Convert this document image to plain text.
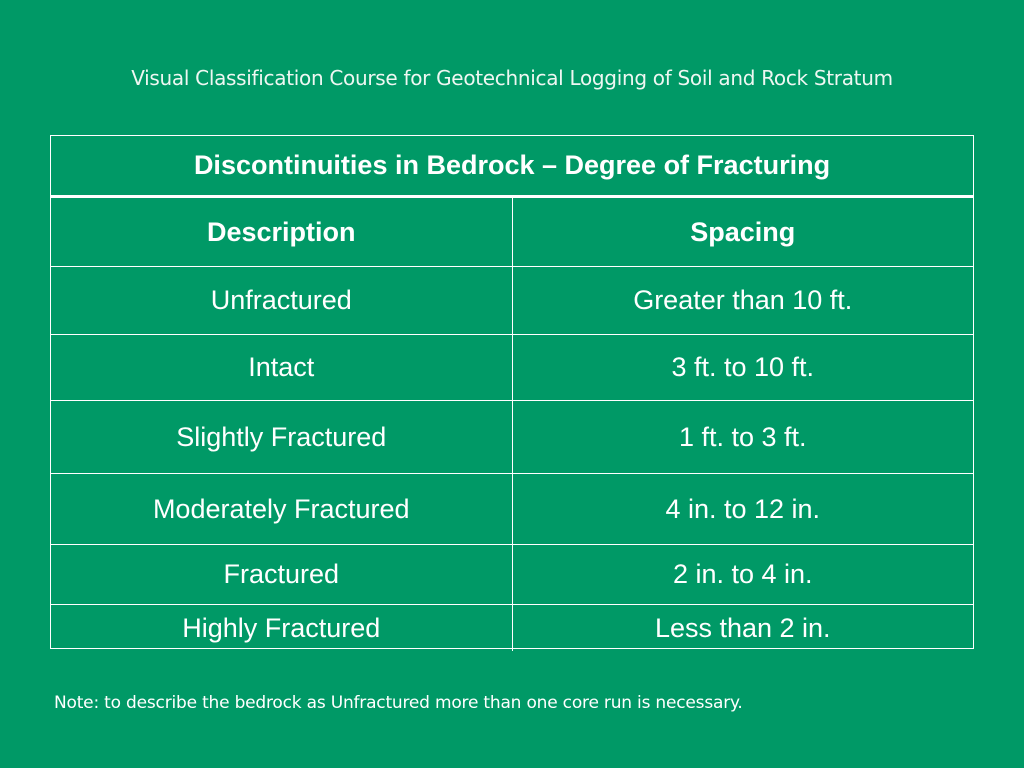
Visual Classification Course for Geotechnical Logging of Soil and Rock Stratum
Discontinuities in Bedrock – Degree of Fracturing	
Description	Spacing
Unfractured	Greater than 10 ft.
Intact	3 ft. to 10 ft.
Slightly Fractured	1 ft. to 3 ft.
Moderately Fractured	4 in. to 12 in.
Fractured	2 in. to 4 in.
Highly Fractured	Less than 2 in.
Note: to describe the bedrock as Unfractured more than one core run is necessary.
